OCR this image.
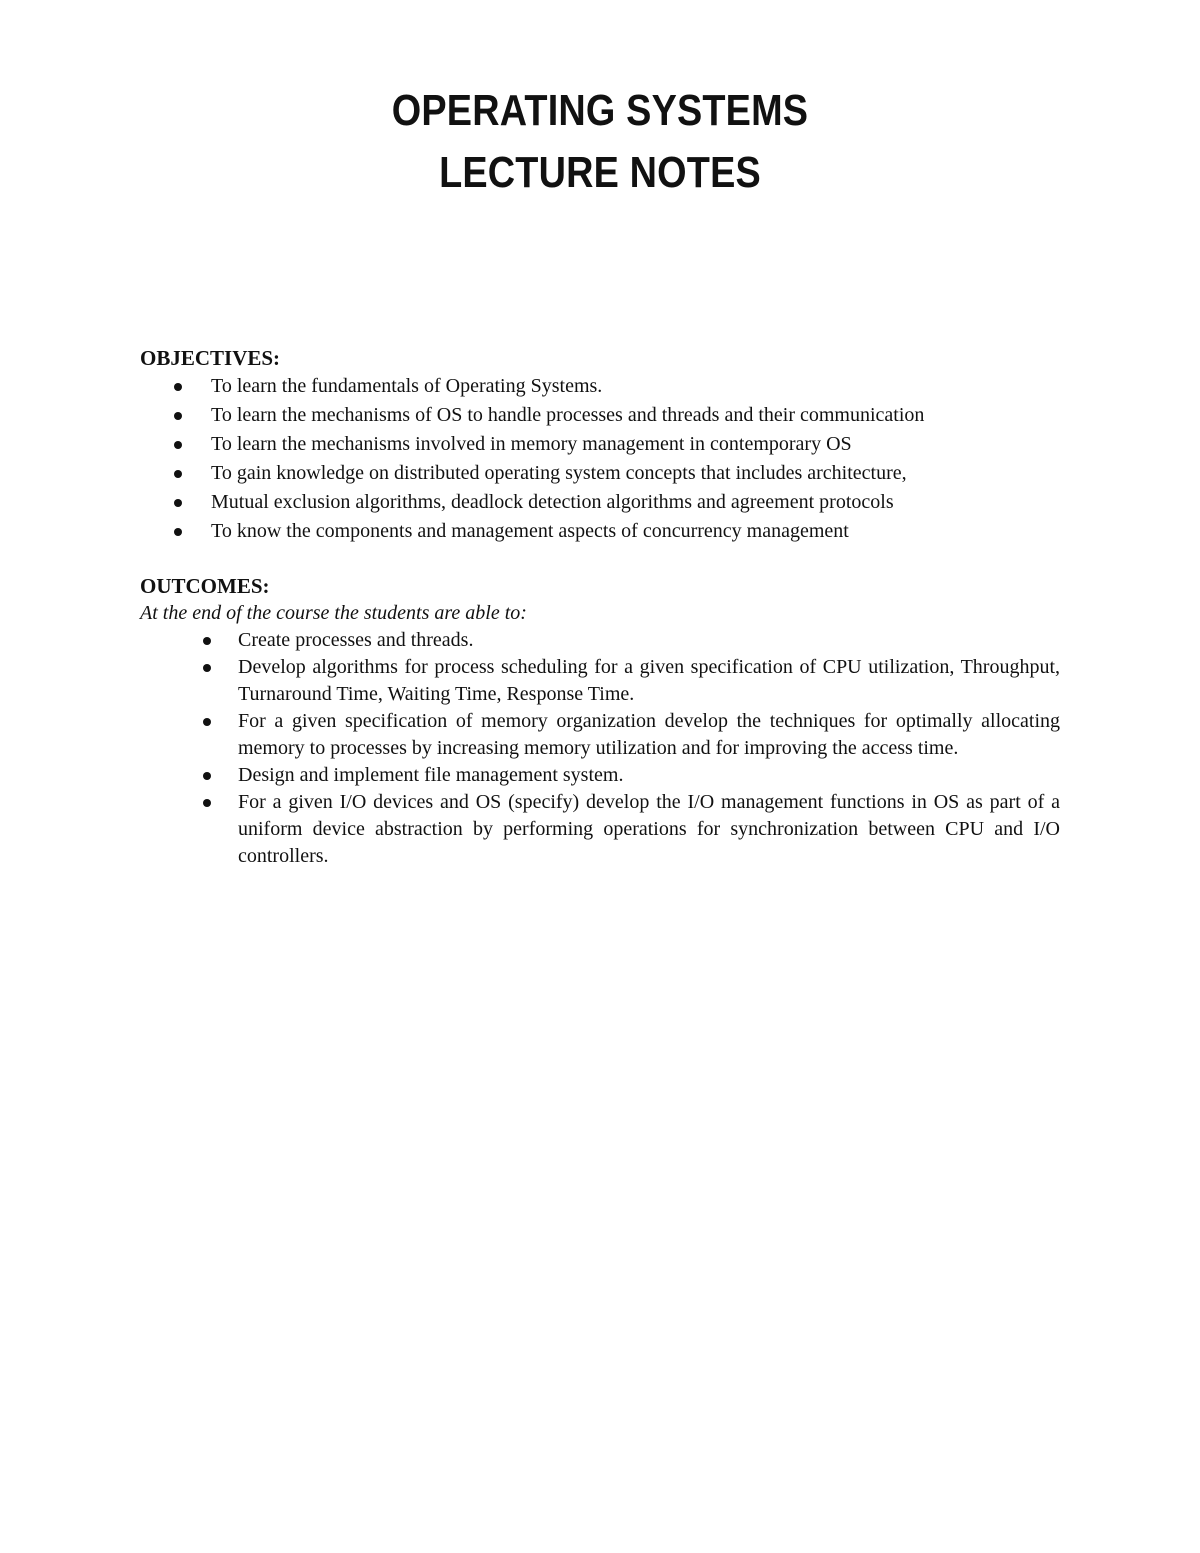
OPERATING SYSTEMS
LECTURE NOTES

OBJECTIVES:

To learn the fundamentals of Operating Systems.
To learn the mechanisms of OS to handle processes and threads and their communication
To learn the mechanisms involved in memory management in contemporary OS
To gain knowledge on distributed operating system concepts that includes architecture,
Mutual exclusion algorithms, deadlock detection algorithms and agreement protocols
To know the components and management aspects of concurrency management

OUTCOMES:

At the end of the course the students are able to:

Create processes and threads.
Develop algorithms for process scheduling for a given specification of CPU utilization, Throughput, Turnaround Time, Waiting Time, Response Time.
For a given specification of memory organization develop the techniques for optimally allocating memory to processes by increasing memory utilization and for improving the access time.
Design and implement file management system.
For a given I/O devices and OS (specify) develop the I/O management functions in OS as part of a uniform device abstraction by performing operations for synchronization between CPU and I/O controllers.
